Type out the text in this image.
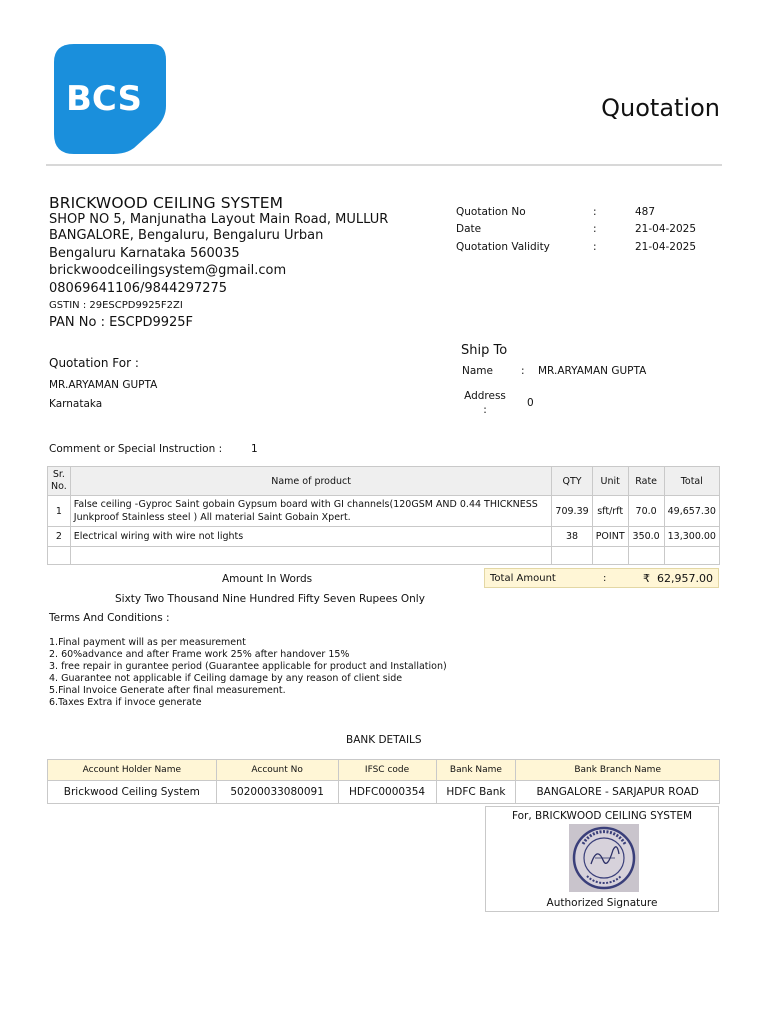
BCS	Quotation
BRICKWOOD CEILING SYSTEM
SHOP NO 5, Manjunatha Layout Main Road, MULLUR BANGALORE, Bengaluru, Bengaluru Urban
Bengaluru Karnataka 560035
brickwoodceilingsystem@gmail.com
08069641106/9844297275
GSTIN : 29ESCPD9925F2ZI
PAN No : ESCPD9925F
Quotation No	:	487
Date	:	21-04-2025
Quotation Validity	:	21-04-2025
Quotation For :
MR.ARYAMAN GUPTA
Karnataka
Ship To
Name	: MR.ARYAMAN GUPTA
Address
:
0
Comment or Special Instruction :	1
Sr.
No.	Name of product	QTY	Unit	Rate	Total
1	False ceiling -Gyproc Saint gobain Gypsum board with GI channels(120GSM AND 0.44 THICKNESS Junkproof Stainless steel ) All material Saint Gobain Xpert.	709.39	sft/rft	70.0	49,657.30
2	Electrical wiring with wire not lights	38	POINT	350.0	13,300.00

Amount In Words
Sixty Two Thousand Nine Hundred Fifty Seven Rupees Only
Total Amount	:	₹  62,957.00
Terms And Conditions :
1.Final payment will as per measurement
2. 60%advance and after Frame work 25% after handover 15%
3. free repair in gurantee period (Guarantee applicable for product and Installation)
4. Guarantee not applicable if Ceiling damage by any reason of client side
5.Final Invoice Generate after final measurement.
6.Taxes Extra if invoce generate
BANK DETAILS
Account Holder Name	Account No	IFSC code	Bank Name	Bank Branch Name
Brickwood Ceiling System	50200033080091	HDFC0000354	HDFC Bank	BANGALORE - SARJAPUR ROAD
For, BRICKWOOD CEILING SYSTEM
Authorized Signature
